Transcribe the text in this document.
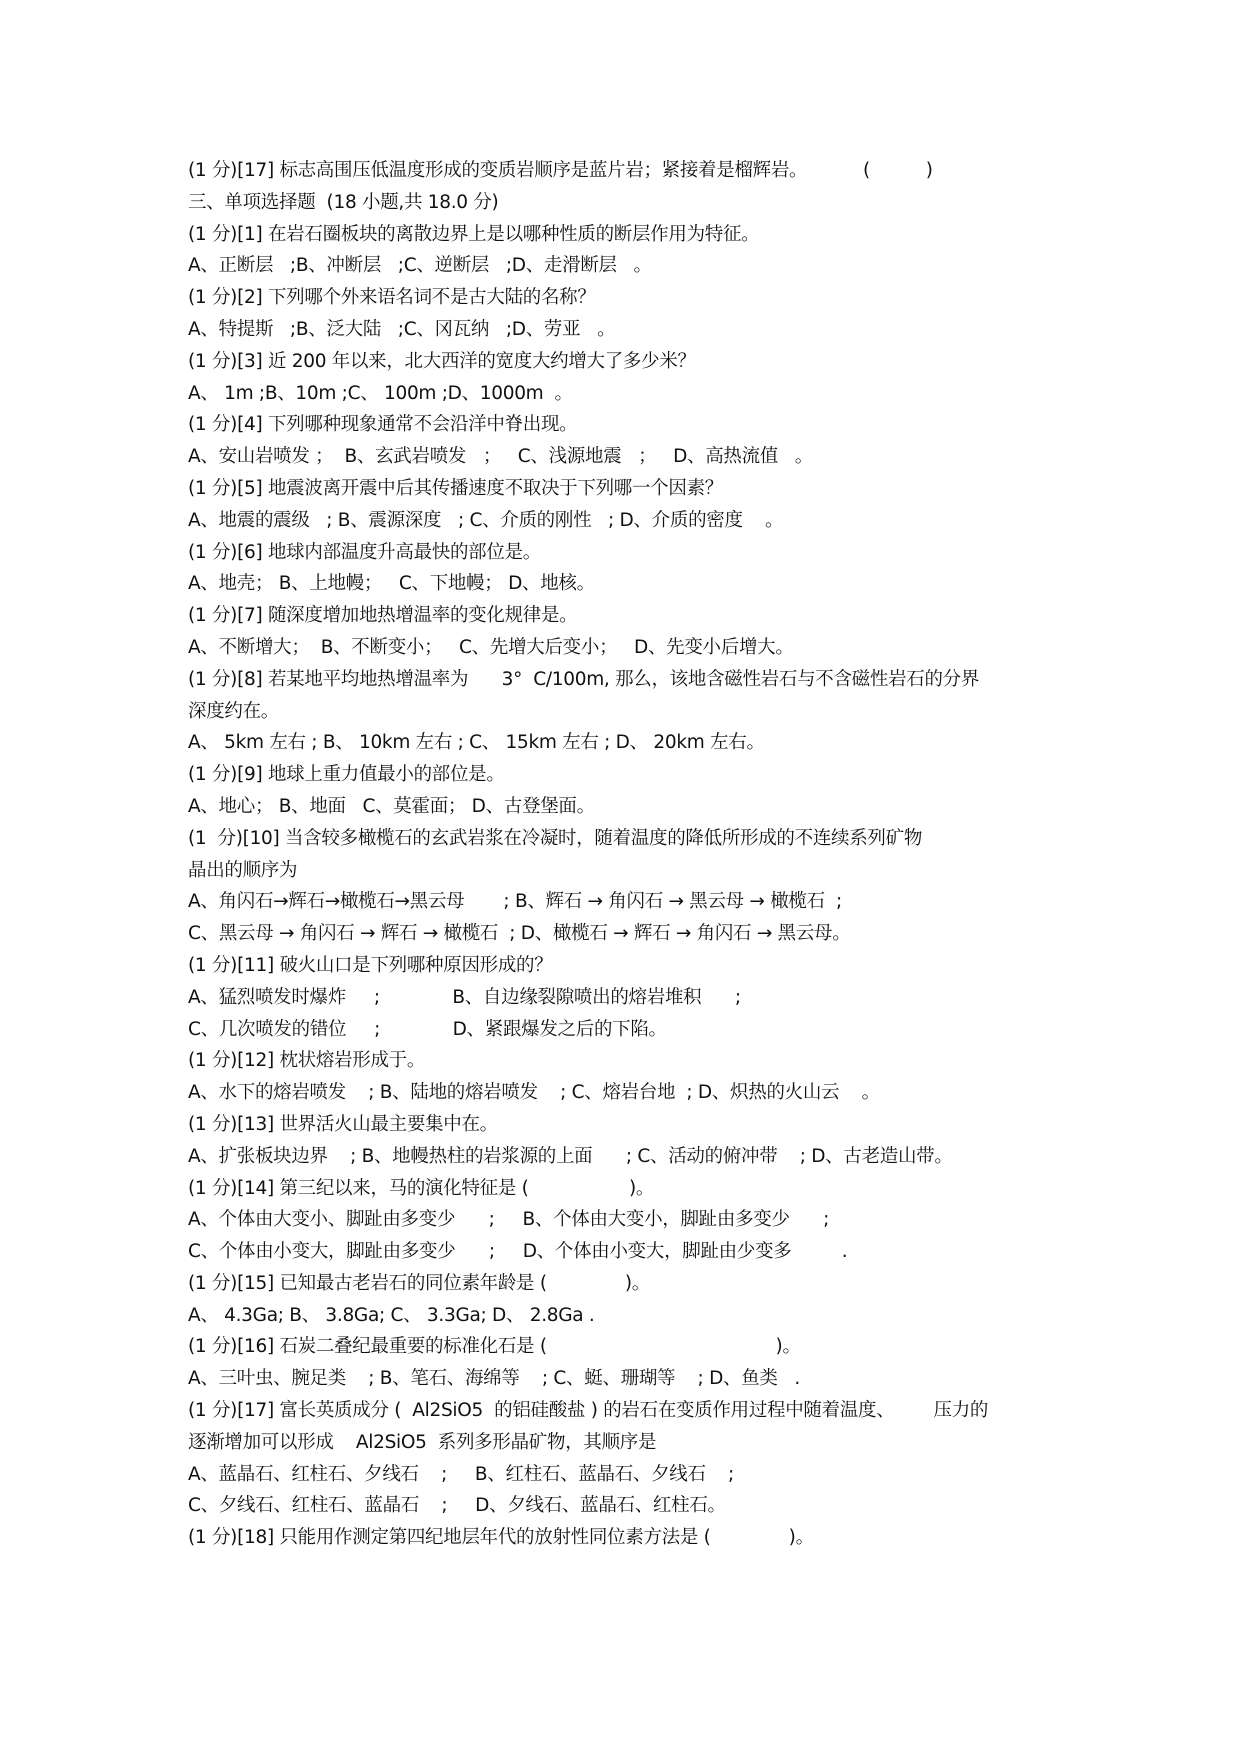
(1 分)[17] 标志高围压低温度形成的变质岩顺序是蓝片岩；紧接着是榴辉岩。          (          )
三、单项选择题  (18 小题,共 18.0 分)
(1 分)[1] 在岩石圈板块的离散边界上是以哪种性质的断层作用为特征。
A、正断层   ;B、冲断层   ;C、逆断层   ;D、走滑断层   。
(1 分)[2] 下列哪个外来语名词不是古大陆的名称？
A、特提斯   ;B、泛大陆   ;C、冈瓦纳   ;D、劳亚   。
(1 分)[3] 近 200 年以来，北大西洋的宽度大约增大了多少米？
A、 1m ;B、10m ;C、 100m ;D、1000m  。
(1 分)[4] 下列哪种现象通常不会沿洋中脊出现。
A、安山岩喷发 ；  B、玄武岩喷发   ；   C、浅源地震   ；   D、高热流值   。
(1 分)[5] 地震波离开震中后其传播速度不取决于下列哪一个因素？
A、地震的震级   ; B、震源深度   ; C、介质的刚性   ; D、介质的密度    。
(1 分)[6] 地球内部温度升高最快的部位是。
A、地壳； B、上地幔；   C、下地幔； D、地核。
(1 分)[7] 随深度增加地热增温率的变化规律是。
A、不断增大；  B、不断变小；   C、先增大后变小；   D、先变小后增大。
(1 分)[8] 若某地平均地热增温率为      3°  C/100m, 那么，该地含磁性岩石与不含磁性岩石的分界
深度约在。
A、 5km 左右 ; B、 10km 左右 ; C、 15km 左右 ; D、 20km 左右。
(1 分)[9] 地球上重力值最小的部位是。
A、地心； B、地面   C、莫霍面； D、古登堡面。
(1  分)[10] 当含较多橄榄石的玄武岩浆在冷凝时，随着温度的降低所形成的不连续系列矿物
晶出的顺序为
A、角闪石→辉石→橄榄石→黑云母       ; B、辉石 → 角闪石 → 黑云母 → 橄榄石  ;
C、黑云母 → 角闪石 → 辉石 → 橄榄石  ; D、橄榄石 → 辉石 → 角闪石 → 黑云母。
(1 分)[11] 破火山口是下列哪种原因形成的？
A、猛烈喷发时爆炸     ;             B、自边缘裂隙喷出的熔岩堆积      ;
C、几次喷发的错位     ;             D、紧跟爆发之后的下陷。
(1 分)[12] 枕状熔岩形成于。
A、水下的熔岩喷发    ; B、陆地的熔岩喷发    ; C、熔岩台地  ; D、炽热的火山云    。
(1 分)[13] 世界活火山最主要集中在。
A、扩张板块边界    ; B、地幔热柱的岩浆源的上面      ; C、活动的俯冲带    ; D、古老造山带。
(1 分)[14] 第三纪以来，马的演化特征是 (                  )。
A、个体由大变小、脚趾由多变少      ;     B、个体由大变小，脚趾由多变少      ;
C、个体由小变大，脚趾由多变少      ;     D、个体由小变大，脚趾由少变多         .
(1 分)[15] 已知最古老岩石的同位素年龄是 (              )。
A、 4.3Ga; B、 3.8Ga; C、 3.3Ga; D、 2.8Ga .
(1 分)[16] 石炭二叠纪最重要的标准化石是 (                                         )。
A、三叶虫、腕足类    ; B、笔石、海绵等    ; C、蜓、珊瑚等    ; D、鱼类   .
(1 分)[17] 富长英质成分 (  Al2SiO5  的铝硅酸盐 ) 的岩石在变质作用过程中随着温度、       压力的
逐渐增加可以形成    Al2SiO5  系列多形晶矿物，其顺序是
A、蓝晶石、红柱石、夕线石    ;     B、红柱石、蓝晶石、夕线石    ;
C、夕线石、红柱石、蓝晶石    ;     D、夕线石、蓝晶石、红柱石。
(1 分)[18] 只能用作测定第四纪地层年代的放射性同位素方法是 (              )。
